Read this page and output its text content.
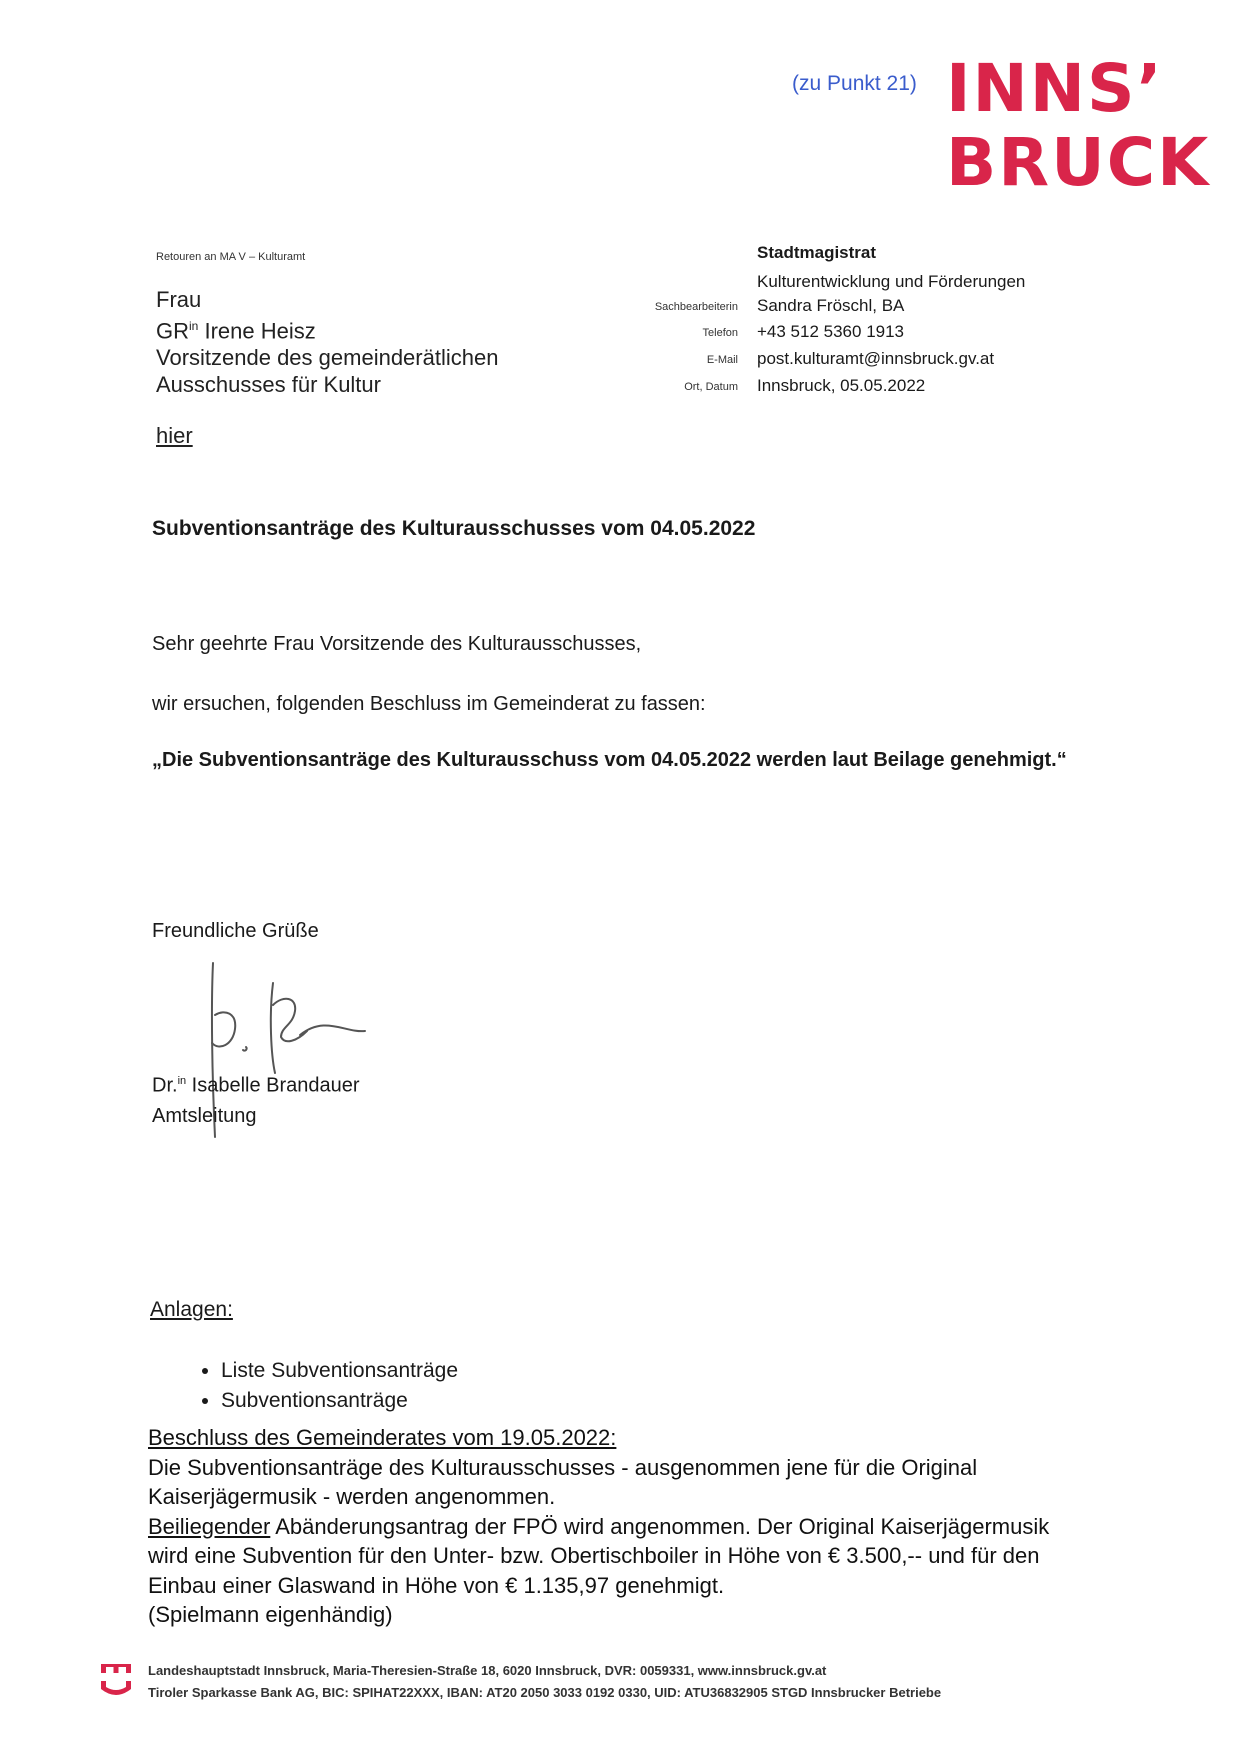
(zu Punkt 21) INNS’
BRUCK
Retouren an MA V – Kulturamt
Frau
$GR^{in}$ Irene Heisz
Vorsitzende des gemeinderätlichen
Ausschusses für Kultur
hier
Stadtmagistrat
Kulturentwicklung und Förderungen
Sachbearbeiterin Sandra Fröschl, BA
Telefon +43 512 5360 1913
E-Mail post.kulturamt@innsbruck.gv.at
Ort, Datum Innsbruck, 05.05.2022
Subventionsanträge des Kulturausschusses vom 04.05.2022
Sehr geehrte Frau Vorsitzende des Kulturausschusses,
wir ersuchen, folgenden Beschluss im Gemeinderat zu fassen:
„Die Subventionsanträge des Kulturausschuss vom 04.05.2022 werden laut Beilage genehmigt.“
Freundliche Grüße
Dr.$^{in}$ Isabelle Brandauer
Amtsleitung
Anlagen:
• Liste Subventionsanträge
• Subventionsanträge
Beschluss des Gemeinderates vom 19.05.2022:
Die Subventionsanträge des Kulturausschusses - ausgenommen jene für die Original Kaiserjägermusik - werden angenommen.
Beiliegender Abänderungsantrag der FPÖ wird angenommen. Der Original Kaiserjägermusik wird eine Subvention für den Unter- bzw. Obertischboiler in Höhe von € 3.500,-- und für den Einbau einer Glaswand in Höhe von € 1.135,97 genehmigt.
(Spielmann eigenhändig)
Landeshauptstadt Innsbruck, Maria-Theresien-Straße 18, 6020 Innsbruck, DVR: 0059331, www.innsbruck.gv.at
Tiroler Sparkasse Bank AG, BIC: SPIHAT22XXX, IBAN: AT20 2050 3033 0192 0330, UID: ATU36832905 STGD Innsbrucker Betriebe
